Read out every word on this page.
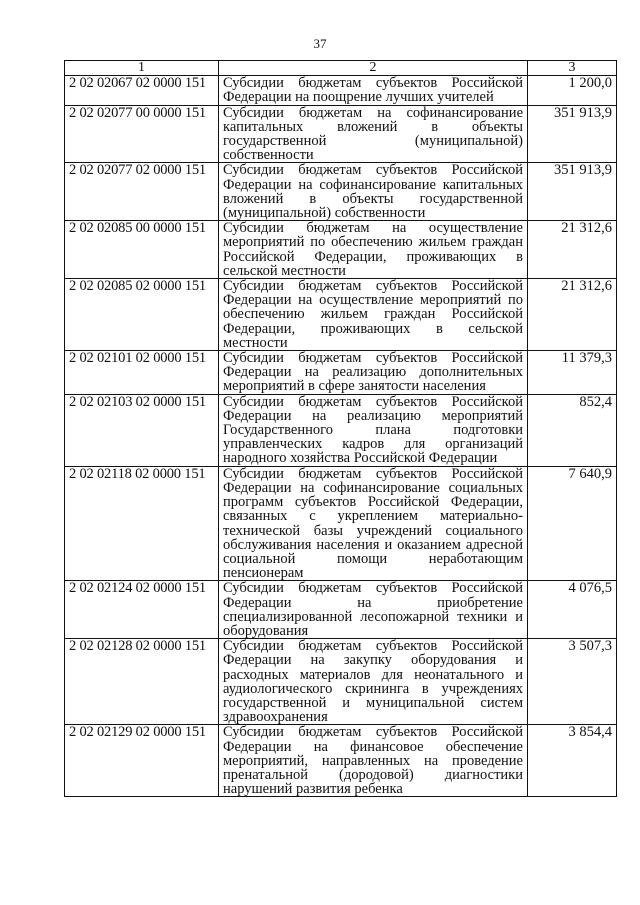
37
1	2	3
2 02 02067 02 0000 151	Субсидии бюджетам субъектов Российской Федерации на поощрение лучших учителей	1 200,0
2 02 02077 00 0000 151	Субсидии бюджетам на софинансирование капитальных вложений в объекты государственной (муниципальной) собственности	351 913,9
2 02 02077 02 0000 151	Субсидии бюджетам субъектов Российской Федерации на софинансирование капитальных вложений в объекты государственной (муниципальной) собственности	351 913,9
2 02 02085 00 0000 151	Субсидии бюджетам на осуществление мероприятий по обеспечению жильем граждан Российской Федерации, проживающих в сельской местности	21 312,6
2 02 02085 02 0000 151	Субсидии бюджетам субъектов Российской Федерации на осуществление мероприятий по обеспечению жильем граждан Российской Федерации, проживающих в сельской местности	21 312,6
2 02 02101 02 0000 151	Субсидии бюджетам субъектов Российской Федерации на реализацию дополнительных мероприятий в сфере занятости населения	11 379,3
2 02 02103 02 0000 151	Субсидии бюджетам субъектов Российской Федерации на реализацию мероприятий Государственного плана подготовки управленческих кадров для организаций народного хозяйства Российской Федерации	852,4
2 02 02118 02 0000 151	Субсидии бюджетам субъектов Российской Федерации на софинансирование социальных программ субъектов Российской Федерации, связанных с укреплением материально-технической базы учреждений социального обслуживания населения и оказанием адресной социальной помощи неработающим пенсионерам	7 640,9
2 02 02124 02 0000 151	Субсидии бюджетам субъектов Российской Федерации на приобретение специализированной лесопожарной техники и оборудования	4 076,5
2 02 02128 02 0000 151	Субсидии бюджетам субъектов Российской Федерации на закупку оборудования и расходных материалов для неонатального и аудиологического скрининга в учреждениях государственной и муниципальной систем здравоохранения	3 507,3
2 02 02129 02 0000 151	Субсидии бюджетам субъектов Российской Федерации на финансовое обеспечение мероприятий, направленных на проведение пренатальной (дородовой) диагностики нарушений развития ребенка	3 854,4
